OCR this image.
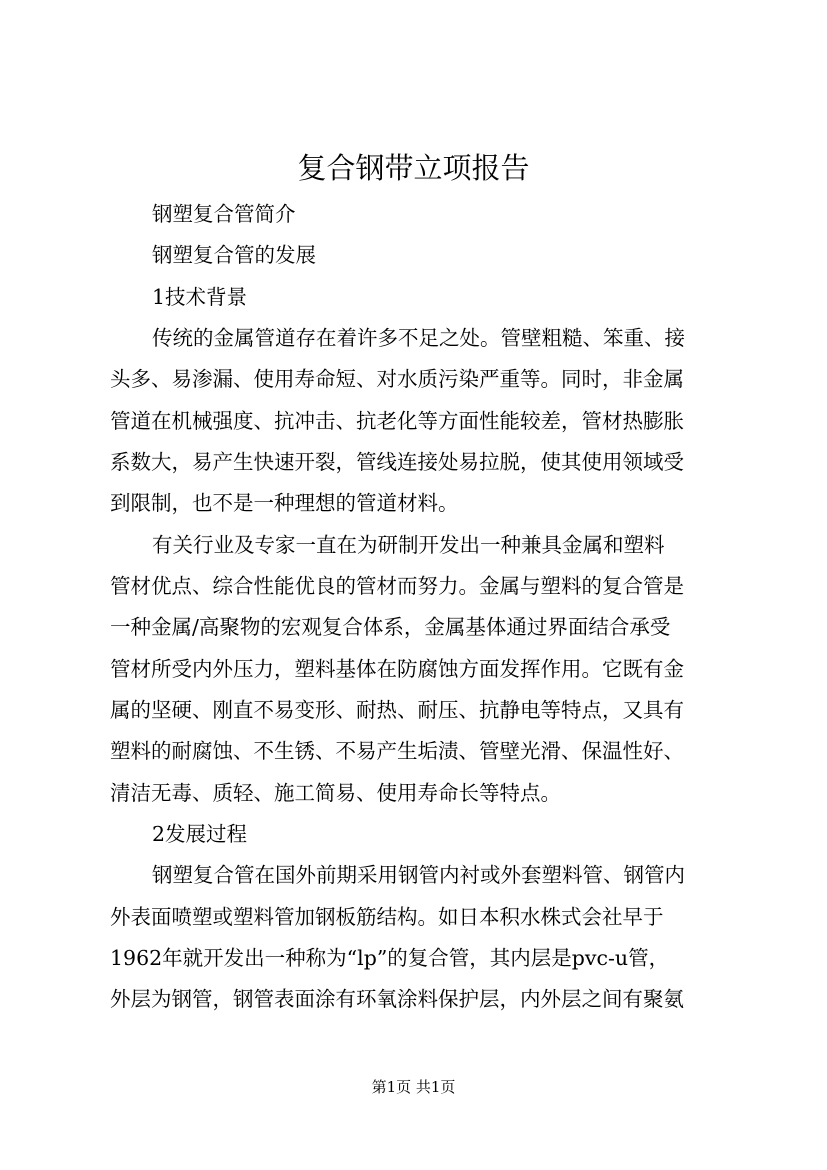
复合钢带立项报告

钢塑复合管简介

钢塑复合管的发展

1技术背景

传统的金属管道存在着许多不足之处。管壁粗糙、笨重、接

头多、易渗漏、使用寿命短、对水质污染严重等。同时，非金属

管道在机械强度、抗冲击、抗老化等方面性能较差，管材热膨胀

系数大，易产生快速开裂，管线连接处易拉脱，使其使用领域受

到限制，也不是一种理想的管道材料。

有关行业及专家一直在为研制开发出一种兼具金属和塑料

管材优点、综合性能优良的管材而努力。金属与塑料的复合管是

一种金属/高聚物的宏观复合体系，金属基体通过界面结合承受

管材所受内外压力，塑料基体在防腐蚀方面发挥作用。它既有金

属的坚硬、刚直不易变形、耐热、耐压、抗静电等特点，又具有

塑料的耐腐蚀、不生锈、不易产生垢渍、管壁光滑、保温性好、

清洁无毒、质轻、施工简易、使用寿命长等特点。

2发展过程

钢塑复合管在国外前期采用钢管内衬或外套塑料管、钢管内

外表面喷塑或塑料管加钢板筋结构。如日本积水株式会社早于

1962年就开发出一种称为“lp”的复合管，其内层是pvc-u管，

外层为钢管，钢管表面涂有环氧涂料保护层，内外层之间有聚氨

第1页 共1页
